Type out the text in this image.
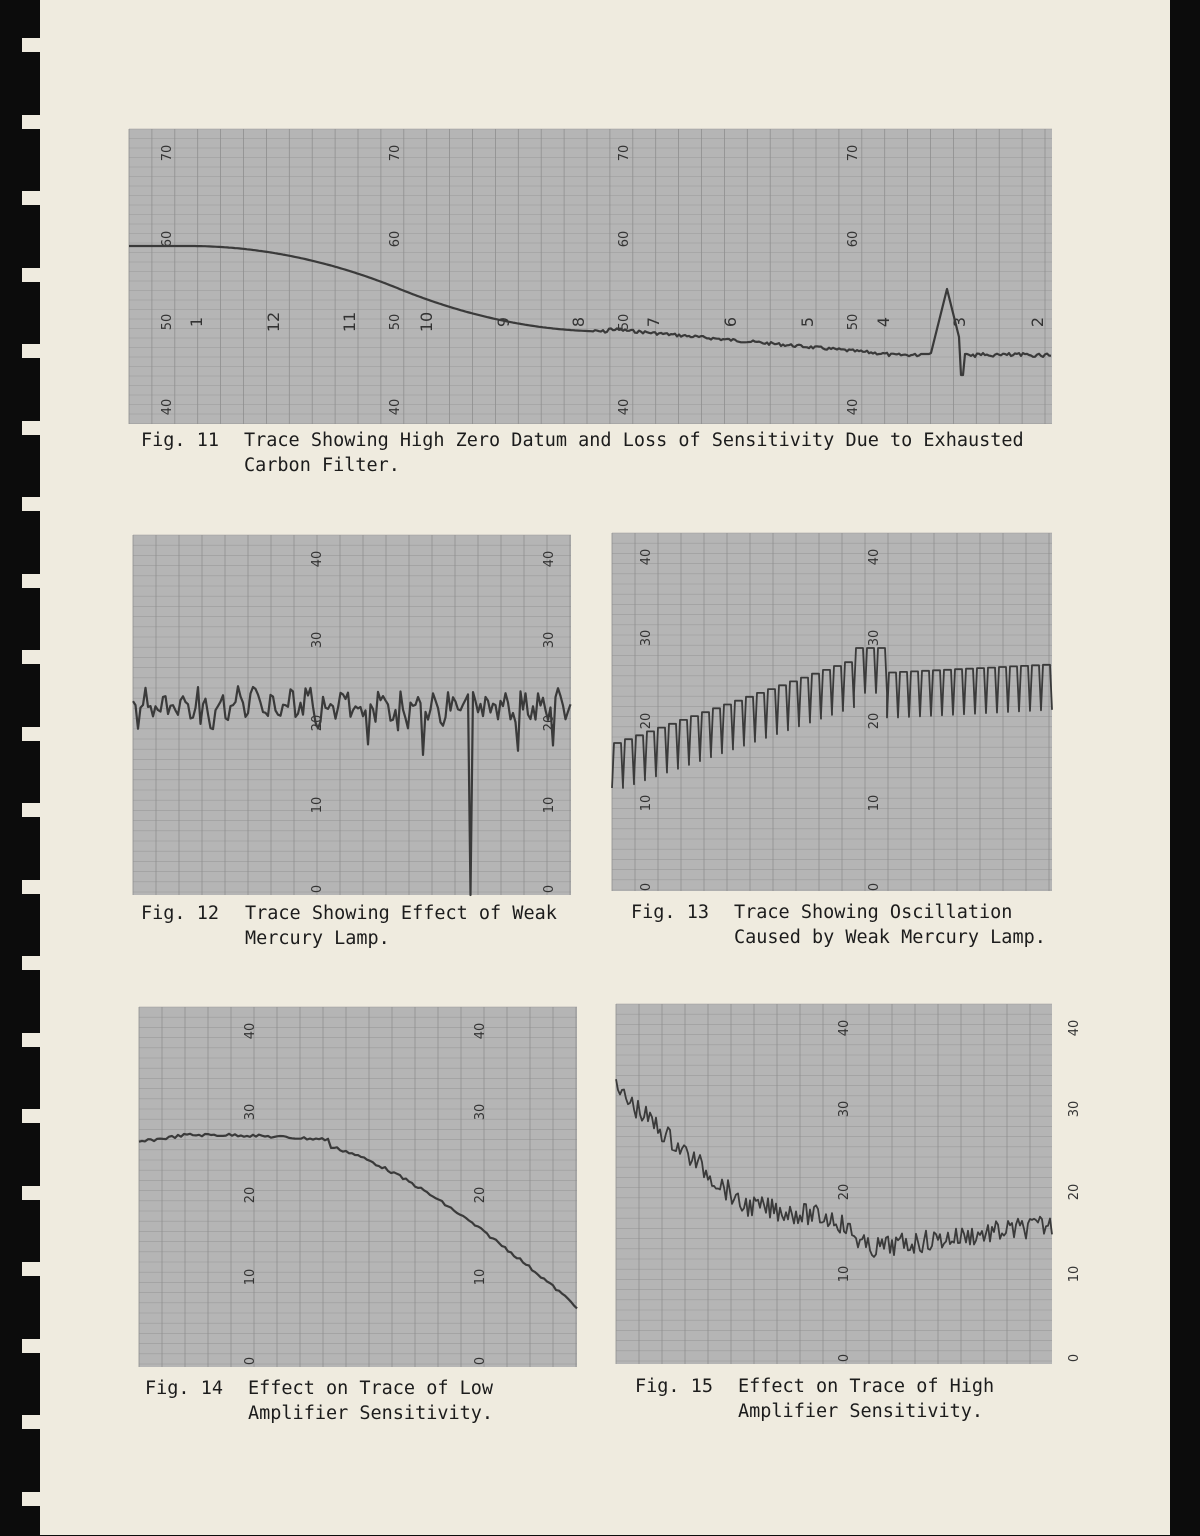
70
60
50
40
70
60
50
40
70
60
50
40
70
60
50
40
1	12	11	10	9	8	7	6	5	4	3	2
Fig. 11 Trace Showing High Zero Datum and Loss of Sensitivity Due to Exhausted
Carbon Filter.
40
30
20
10
0
40
30
20
10
0
Fig. 12 Trace Showing Effect of Weak
Mercury Lamp.
40
30
20
10
0
40
30
20
10
0
Fig. 13 Trace Showing Oscillation
Caused by Weak Mercury Lamp.
40
30
20
10
0
40
30
20
10
0
40
30
20
10
0
40
30
20
10
0
Fig. 14 Effect on Trace of Low
Amplifier Sensitivity.
Fig. 15 Effect on Trace of High
Amplifier Sensitivity.
